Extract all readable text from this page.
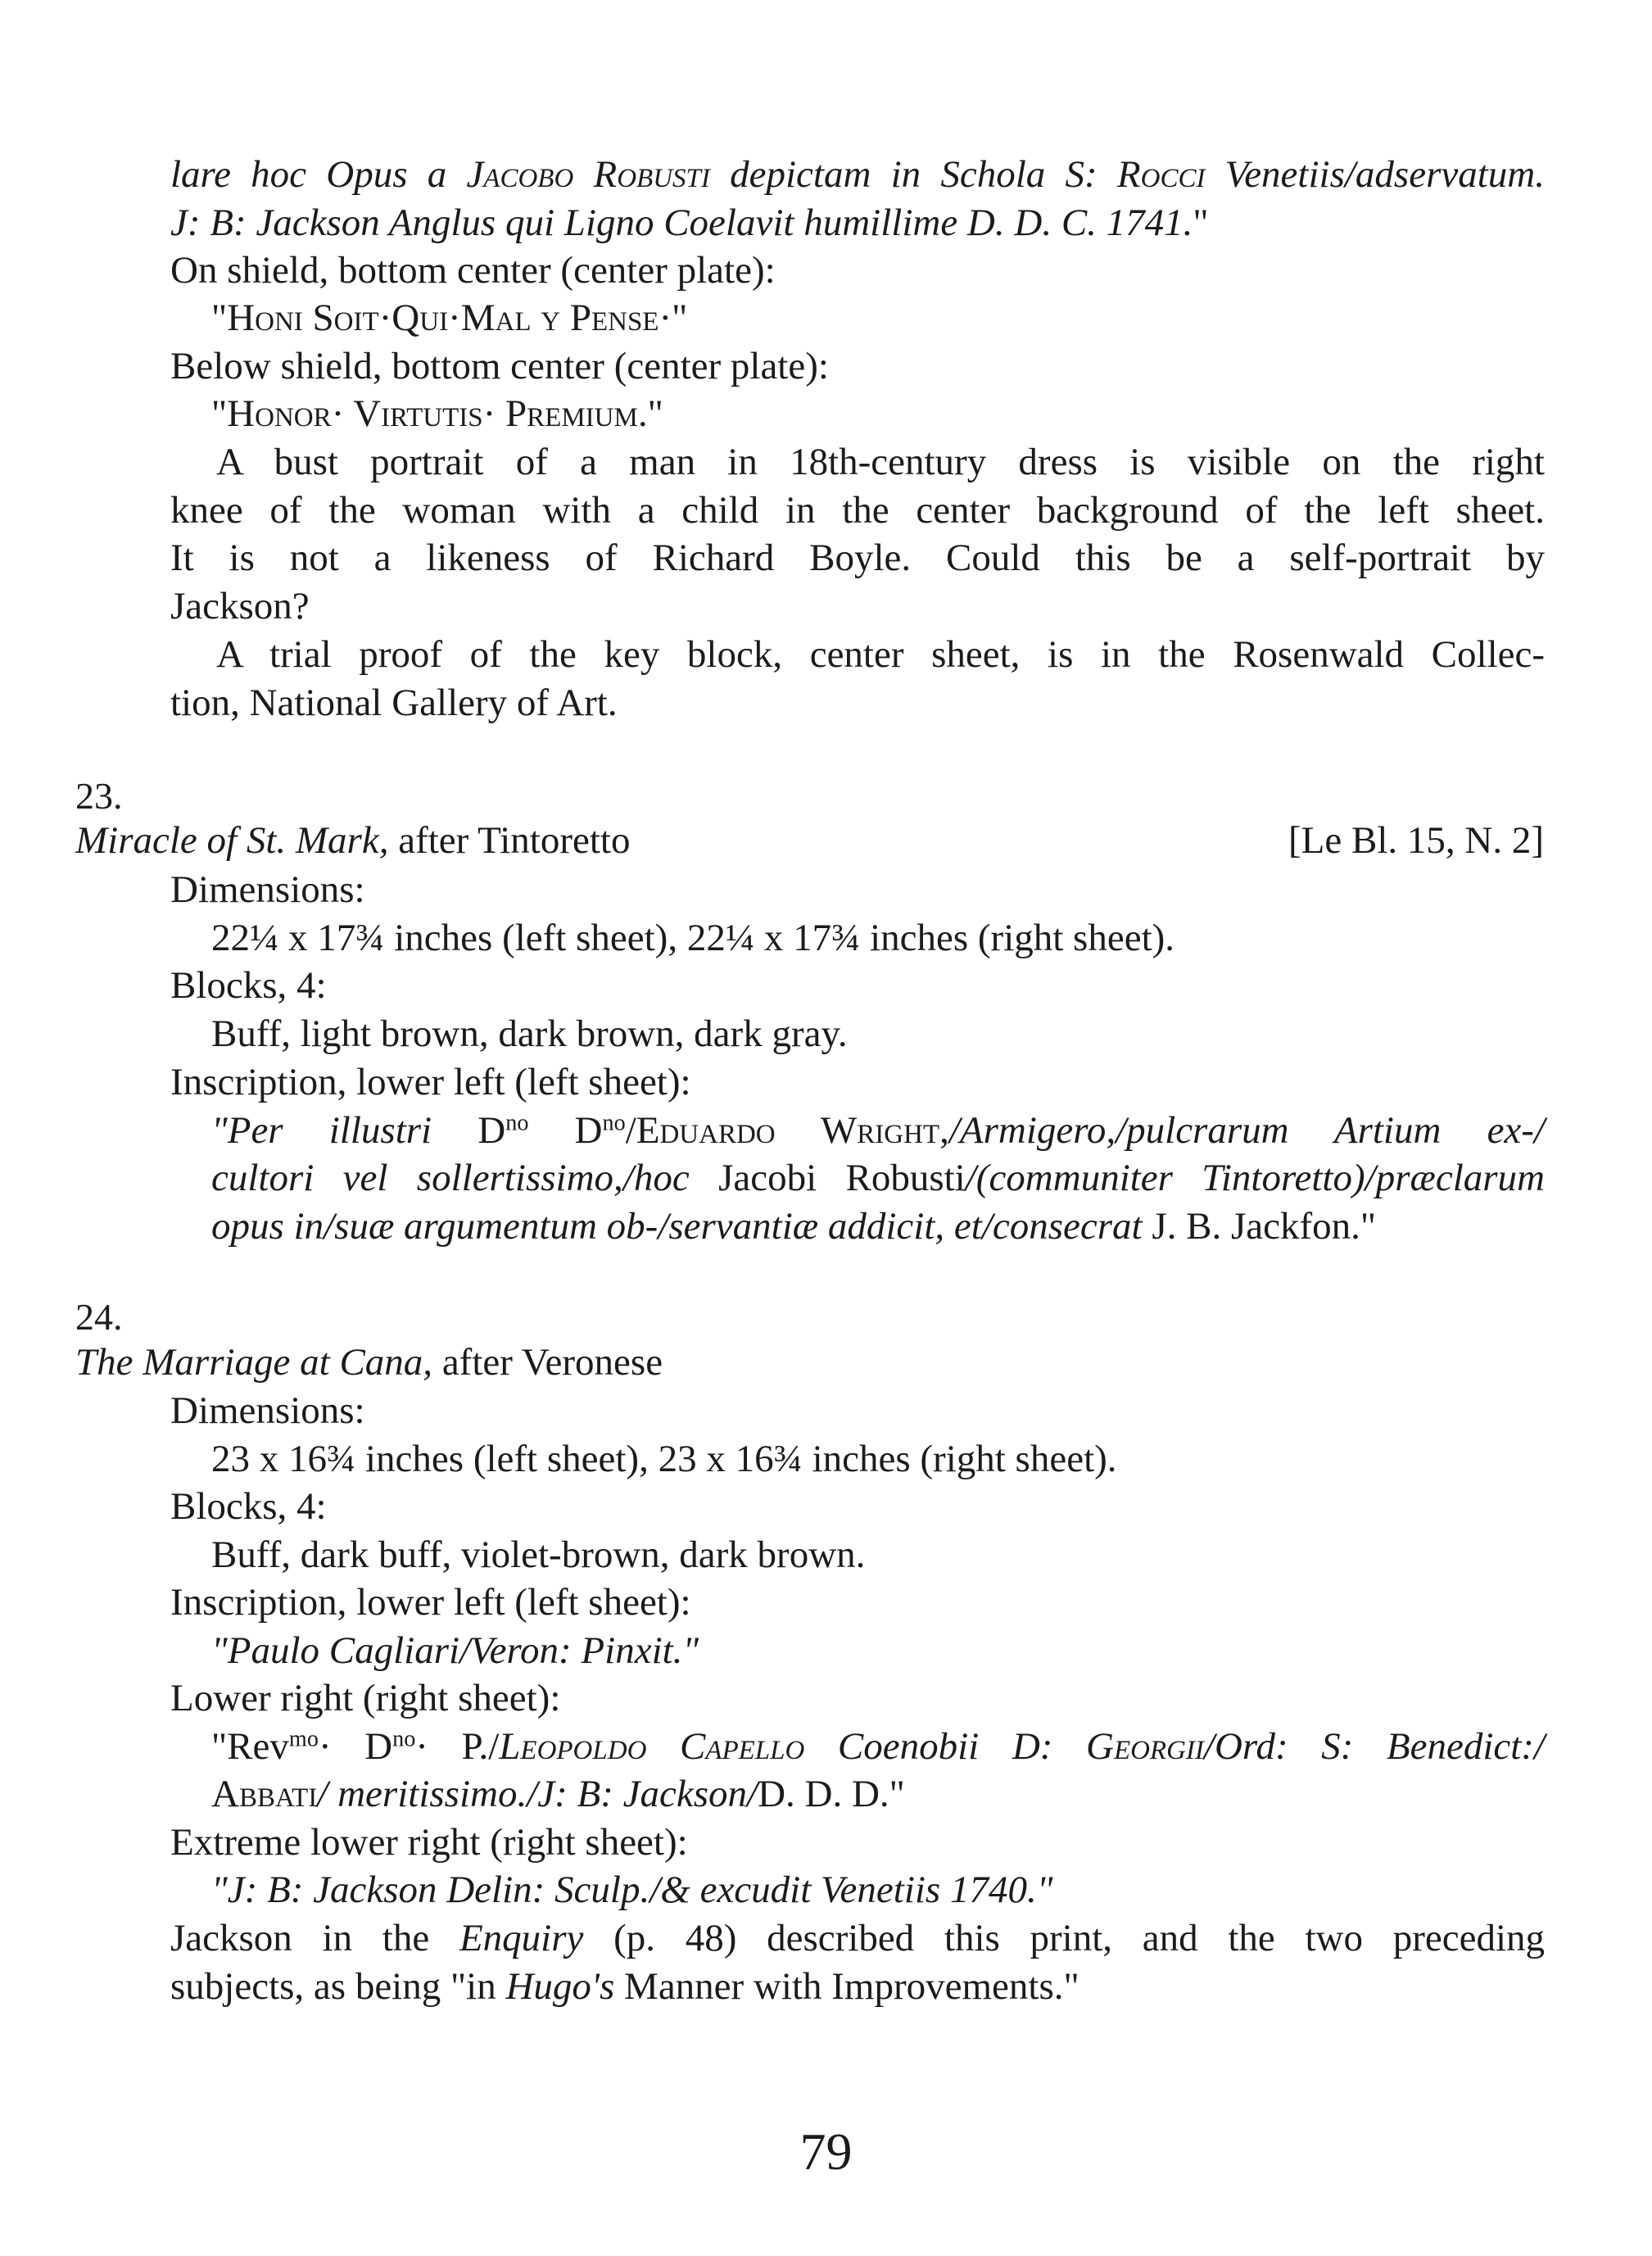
lare hoc Opus a Jacobo Robusti depictam in Schola S: Rocci Venetiis/adservatum.
J: B: Jackson Anglus qui Ligno Coelavit humillime D. D. C. 1741."
On shield, bottom center (center plate):
"Honi Soit·Qui·Mal y Pense·"
Below shield, bottom center (center plate):
"Honor· Virtutis· Premium."
A bust portrait of a man in 18th-century dress is visible on the right
knee of the woman with a child in the center background of the left sheet.
It is not a likeness of Richard Boyle. Could this be a self-portrait by
Jackson?
A trial proof of the key block, center sheet, is in the Rosenwald Collec-
tion, National Gallery of Art.
23.
Miracle of St. Mark, after Tintoretto	[Le Bl. 15, N. 2]
Dimensions:
22¼ x 17¾ inches (left sheet), 22¼ x 17¾ inches (right sheet).
Blocks, 4:
Buff, light brown, dark brown, dark gray.
Inscription, lower left (left sheet):
"Per illustri $D^{no}$ $D^{no}$/Eduardo Wright,/Armigero,/pulcrarum Artium ex-/
cultori vel sollertissimo,/hoc Jacobi Robusti/(communiter Tintoretto)/præclarum
opus in/suæ argumentum ob-/servantiæ addicit, et/consecrat J. B. Jackfon."
24.
The Marriage at Cana, after Veronese
Dimensions:
23 x 16¾ inches (left sheet), 23 x 16¾ inches (right sheet).
Blocks, 4:
Buff, dark buff, violet-brown, dark brown.
Inscription, lower left (left sheet):
"Paulo Cagliari/Veron: Pinxit."
Lower right (right sheet):
"$Rev^{mo}\cdot D^{no}\cdot$ P./Leopoldo Capello Coenobii D: Georgii/Ord: S: Benedict:/
Abbati/ meritissimo./J: B: Jackson/D. D. D."
Extreme lower right (right sheet):
"J: B: Jackson Delin: Sculp./& excudit Venetiis 1740."
Jackson in the Enquiry (p. 48) described this print, and the two preceding
subjects, as being "in Hugo's Manner with Improvements."
79
